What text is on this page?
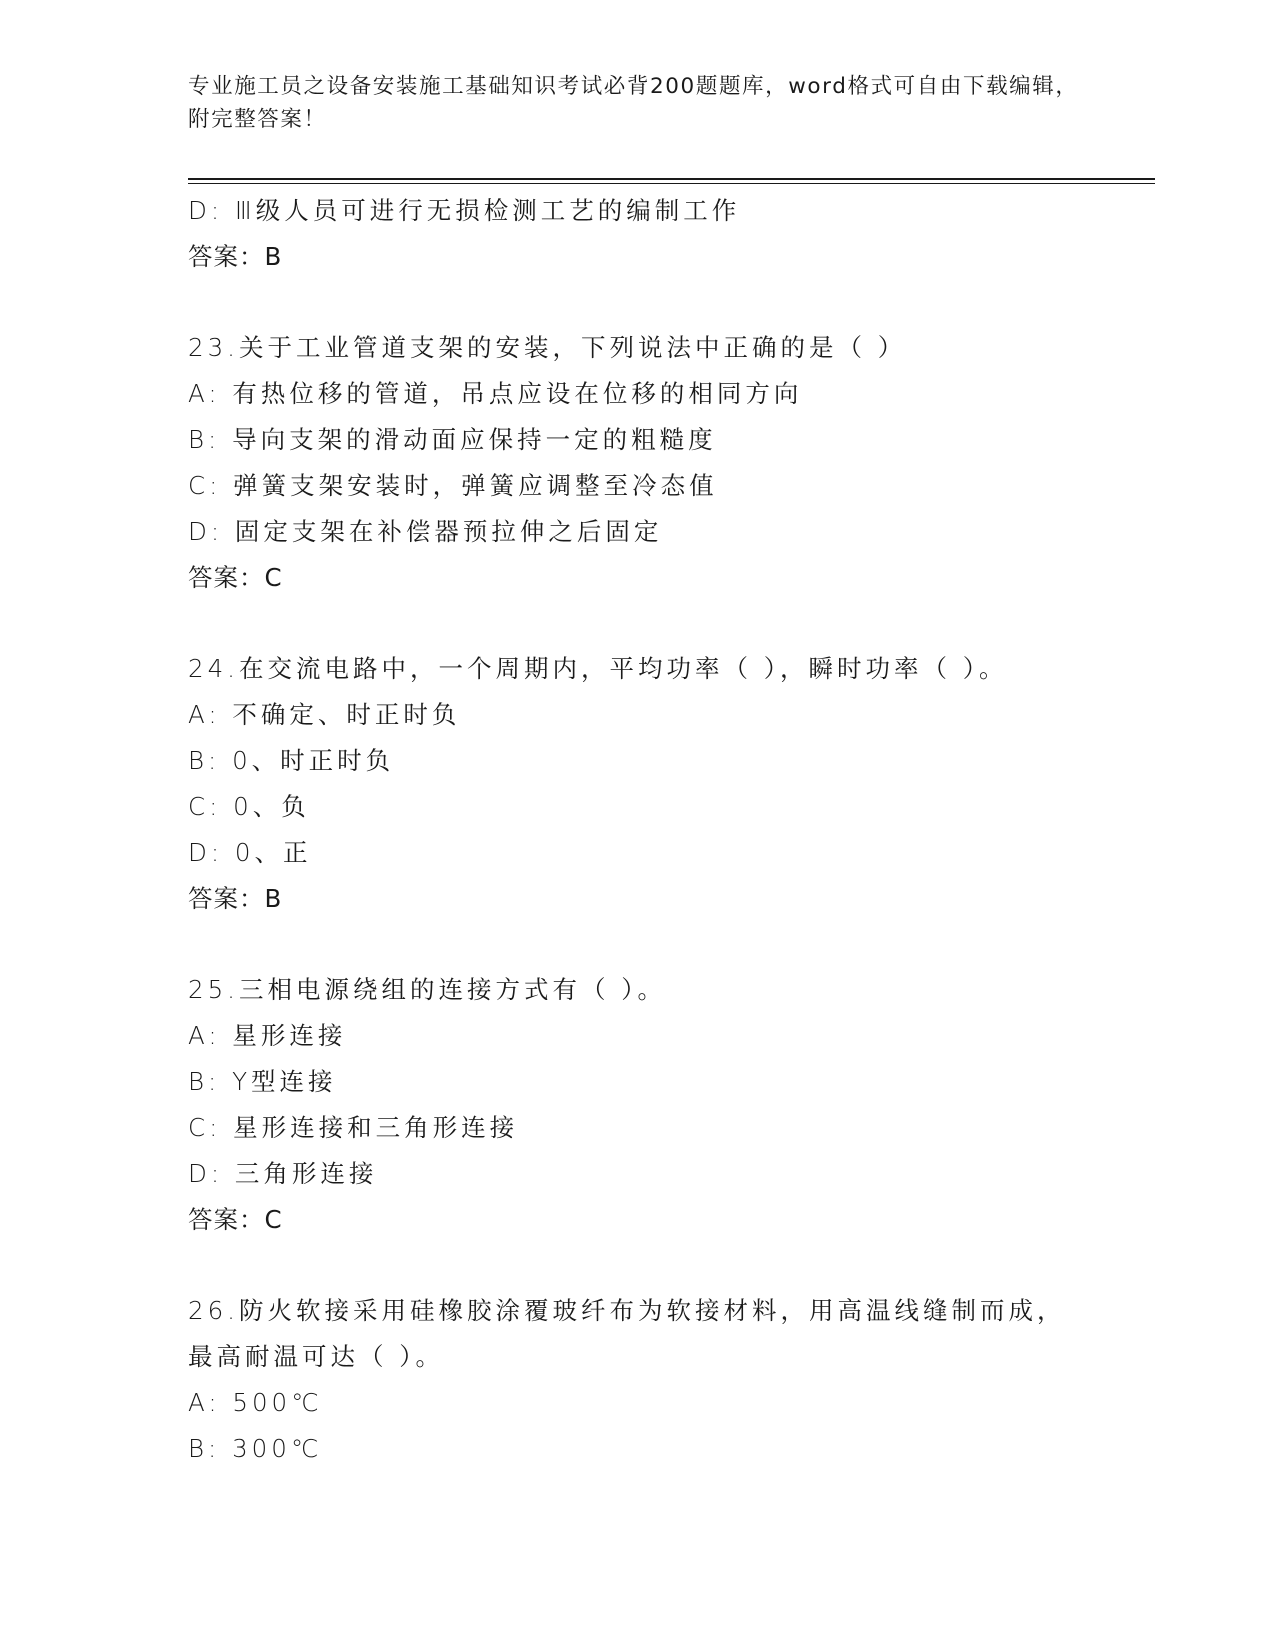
专业施工员之设备安装施工基础知识考试必背200题题库，word格式可自由下载编辑，附完整答案！
D: Ⅲ级人员可进行无损检测工艺的编制工作
答案：B
23.关于工业管道支架的安装，下列说法中正确的是（ ）
A: 有热位移的管道，吊点应设在位移的相同方向
B: 导向支架的滑动面应保持一定的粗糙度
C: 弹簧支架安装时，弹簧应调整至冷态值
D: 固定支架在补偿器预拉伸之后固定
答案：C
24.在交流电路中，一个周期内，平均功率（ ），瞬时功率（ ）。
A: 不确定、时正时负
B: 0、时正时负
C: 0、负
D: 0、正
答案：B
25.三相电源绕组的连接方式有（ ）。
A: 星形连接
B: Y型连接
C: 星形连接和三角形连接
D: 三角形连接
答案：C
26.防火软接采用硅橡胶涂覆玻纤布为软接材料，用高温线缝制而成，
最高耐温可达（ ）。
A: 500℃
B: 300℃
